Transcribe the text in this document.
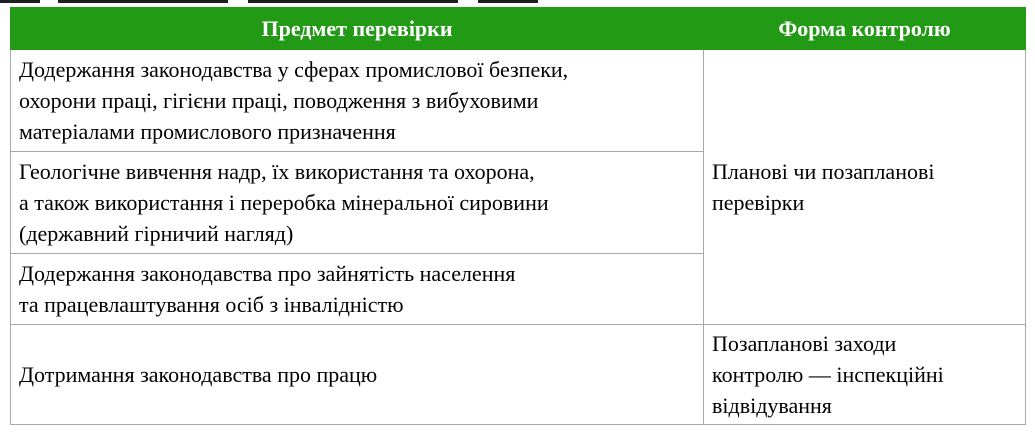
Предмет перевірки	Форма контролю

Додержання законодавства у сферах промислової безпеки,
охорони праці, гігієни праці, поводження з вибуховими
матеріалами промислового призначення	Планові чи позапланові
перевірки

Геологічне вивчення надр, їх використання та охорона,
а також використання і переробка мінеральної сировини
(державний гірничий нагляд)	

Додержання законодавства про зайнятість населення
та працевлаштування осіб з інвалідністю	

Дотримання законодавства про працю	Позапланові заходи
контролю — інспекційні
відвідування
